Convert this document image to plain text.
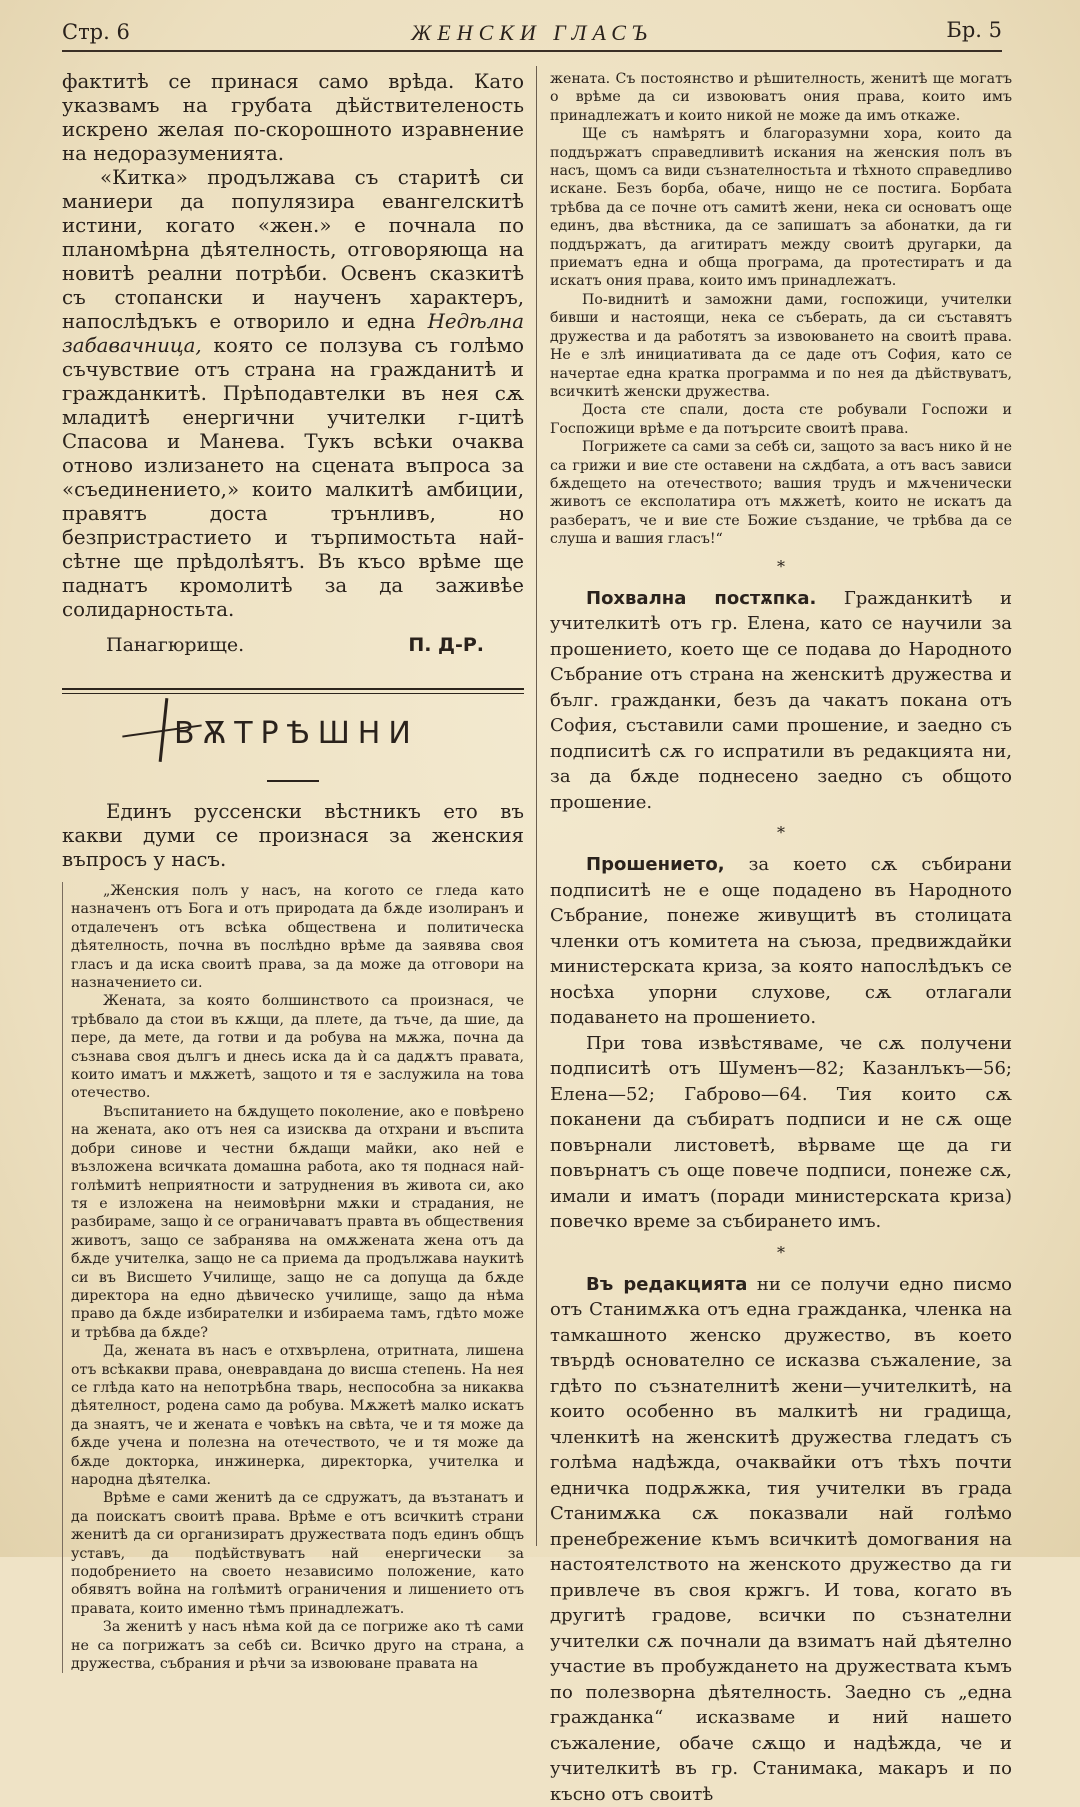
Стр. 6	ЖЕНСКИ ГЛАСЪ	Бр. 5

фактитѣ се принася само врѣда. Като указвамъ на грубата дѣйствителеность искрено желая по-скорошното изравнение на недоразуменията.

«Китка» продължава съ старитѣ си маниери да популязира евангелскитѣ истини, когато «жен.» е почнала по планомѣрна дѣятелность, отговоряюща на новитѣ реални потрѣби. Освенъ сказкитѣ съ стопански и наученъ характеръ, напослѣдъкъ е отворило и една Недѣлна забавачница, която се ползува съ голѣмо съчувствие отъ страна на гражданитѣ и гражданкитѣ. Прѣподавтелки въ нея сѫ младитѣ енергични учителки г-цитѣ Спасова и Манева. Тукъ всѣки очаква отново излизането на сцената въпроса за «съединението,» които малкитѣ амбиции, правятъ доста трънливъ, но безпристрастието и търпимостьта най-сѣтне ще прѣдолѣятъ. Въ късо врѣме ще паднатъ кромолитѣ за да заживѣе солидарностьта.

Панагюрище.	П. Д-Р.
ВѪТРѢШНИ

Единъ руссенски вѣстникъ ето въ какви думи се произнася за женския въпросъ у насъ.

„Женския полъ у насъ, на когото се гледа като назначенъ отъ Бога и отъ природата да бѫде изолиранъ и отдалеченъ отъ всѣка обществена и политическа дѣятелность, почна въ послѣдно врѣме да заявява своя гласъ и да иска своитѣ права, за да може да отговори на назначението си.

Жената, за която болшинството са произнася, че трѣбвало да стои въ кѫщи, да плете, да тъче, да шие, да пере, да мете, да готви и да робува на мѫжа, почна да съзнава своя дългъ и днесь иска да ѝ са дадѫтъ правата, които иматъ и мѫжетѣ, защото и тя е заслужила на това отечество.

Въспитанието на бѫдущето поколение, ако е повѣрено на жената, ако отъ нея са изисква да отхрани и въспита добри синове и честни бѫдащи майки, ако ней е възложена всичката домашна работа, ако тя поднася най-голѣмитѣ неприятности и затруднения въ живота си, ако тя е изложена на неимовѣрни мѫки и страдания, не разбираме, защо ѝ се ограничаватъ правта въ обществения животъ, защо се забранява на омѫжената жена отъ да бѫде учителка, защо не са приема да продължава наукитѣ си въ Висшето Училище, защо не са допуща да бѫде директора на едно дѣвическо училище, защо да нѣма право да бѫде избирателки и избираема тамъ, гдѣто може и трѣбва да бѫде?

Да, жената въ насъ е отхвърлена, отритната, лишена отъ всѣкакви права, оневравдана до висша степень. На нея се глѣда като на непотрѣбна твaрь, неспособна за никаква дѣятелност, родена само да робува. Мѫжетѣ малко искатъ да знаятъ, че и жената е човѣкъ на свѣта, че и тя може да бѫде учена и полезна на отечеството, че и тя може да бѫде докторка, инжинерка, директорка, учителка и народна дѣятелка.

Врѣме е сами женитѣ да се сдружатъ, да възтанатъ и да поискатъ своитѣ права. Врѣме е отъ всичкитѣ страни женитѣ да си организиратъ дружествата подъ единъ общъ уставъ, да подѣйствуватъ най енергически за подобрението на своето независимо положение, като обявятъ война на голѣмитѣ ограничения и лишението отъ правата, които именно тѣмъ принадлежатъ.

За женитѣ у насъ нѣма кой да се погриже ако тѣ сами не са погрижатъ за себѣ си. Всичко друго на страна, а дружества, събрания и рѣчи за извоюване правата на

жената. Съ постоянство и рѣшителность, женитѣ ще могатъ о врѣме да си извоюватъ ония права, които имъ принадлежатъ и които никой не може да имъ откаже.

Ще съ намѣрятъ и благоразумни хора, които да поддържатъ справедливитѣ искания на женския полъ въ насъ, щомъ са види съзнателностьта и тѣхното справедливо искане. Безъ борба, обаче, нищо не се постига. Борбата трѣбва да се почне отъ самитѣ жени, нека си основатъ още единъ, два вѣстника, да се запишатъ за абонатки, да ги поддържатъ, да агитиратъ между своитѣ другарки, да приематъ една и обща програма, да протестиратъ и да искатъ ония права, които имъ принадлежатъ.

По-виднитѣ и заможни дами, госпожици, учителки бивши и настоящи, нека се съберать, да си съставятъ дружества и да работятъ за извоюването на своитѣ права. Не е злѣ инициативата да се даде отъ София, като се начертае една кратка программа и по нея да дѣйствуватъ, всичкитѣ женски дружества.

Доста сте спали, доста сте робували Госпожи и Госпожици врѣме е да потърсите своитѣ права.

Погрижете са сами за себѣ си, защото за васъ нико й не са грижи и вие сте оставени на сѫдбата, а отъ васъ зависи бѫдещето на отечеството; вашия трудъ и мѫченически животъ се експолатира отъ мѫжетѣ, които не искатъ да разбератъ, че и вие сте Божие създание, че трѣбва да се слуша и вашия гласъ!“

*

Похвална постѫпка. Гражданкитѣ и учителкитѣ отъ гр. Елена, като се научили за прошението, което ще се подава до Народното Събрание отъ страна на женскитѣ дружества и бълг. гражданки, безъ да чакатъ покана отъ София, съставили сами прошение, и заедно съ подписитѣ сѫ го испратили въ редакцията ни, за да бѫде поднесено заедно съ общото прошение.

*

Прошението, за което сѫ събирани подписитѣ не е още подадено въ Народното Събрание, понеже живущитѣ въ столицата членки отъ комитета на съюза, предвиждайки министерската криза, за която напослѣдъкъ се носѣха упорни слухове, сѫ отлагали подаването на прошението.

При това извѣстяваме, че сѫ получени подписитѣ отъ Шуменъ—82; Казанлъкъ—56; Елена—52; Габрово—64. Тия които сѫ поканени да събиратъ подписи и не сѫ още повърнали листоветѣ, вѣрваме ще да ги повърнатъ съ още повече подписи, понеже сѫ, имали и иматъ (поради министерската криза) повечко време за събирането имъ.

*

Въ редакцията ни се получи едно писмо отъ Станимѫка отъ една гражданка, членка на тамкашното женско дружество, въ което твърдѣ основателно се исказва съжаление, за гдѣто по съзнателнитѣ жени—учителкитѣ, на които особенно въ малкитѣ ни градища, членкитѣ на женскитѣ дружества гледатъ съ голѣма надѣжда, очаквайки отъ тѣхъ почти едничка подрѫжка, тия учителки въ града Станимѫка сѫ показвали най голѣмо пренебрежение къмъ всичкитѣ домогвания на настоятелството на женското дружество да ги привлече въ своя кржгъ. И това, когато въ другитѣ градове, всички по съзнателни учителки сѫ почнали да взиматъ най дѣятелно участие въ пробуждането на дружествата къмъ по полезворна дѣятелность. Заедно съ „една гражданка“ исказваме и ний нашето съжаление, обаче сѫщо и надѣжда, че и учителкитѣ въ гр. Станимака, макаръ и по късно отъ своитѣ
